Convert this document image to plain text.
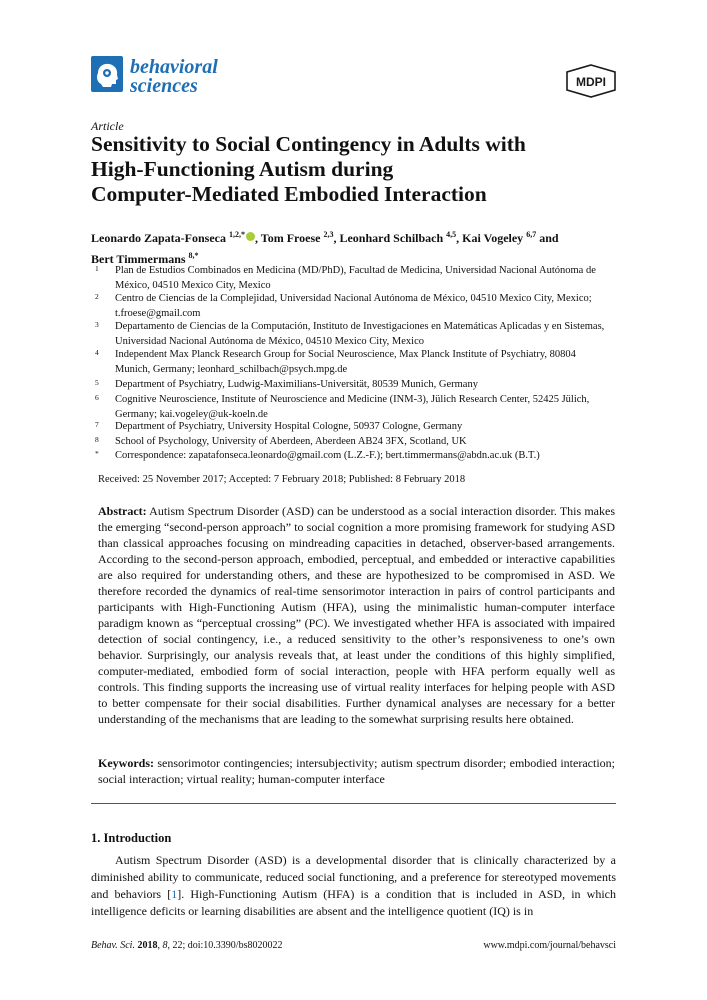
behavioral
sciences	MDPI
Article
Sensitivity to Social Contingency in Adults with
High-Functioning Autism during
Computer-Mediated Embodied Interaction
Leonardo Zapata-Fonseca $^{1,2,*}$ , Tom Froese $^{2,3}$, Leonhard Schilbach $^{4,5}$, Kai Vogeley $^{6,7}$ and
Bert Timmermans $^{8,*}$
1 Plan de Estudios Combinados en Medicina (MD/PhD), Facultad de Medicina, Universidad Nacional Autónoma de México, 04510 Mexico City, Mexico
2 Centro de Ciencias de la Complejidad, Universidad Nacional Autónoma de México, 04510 Mexico City, Mexico; t.froese@gmail.com
3 Departamento de Ciencias de la Computación, Instituto de Investigaciones en Matemáticas Aplicadas y en Sistemas, Universidad Nacional Autónoma de México, 04510 Mexico City, Mexico
4 Independent Max Planck Research Group for Social Neuroscience, Max Planck Institute of Psychiatry, 80804 Munich, Germany; leonhard_schilbach@psych.mpg.de
5 Department of Psychiatry, Ludwig-Maximilians-Universität, 80539 Munich, Germany
6 Cognitive Neuroscience, Institute of Neuroscience and Medicine (INM-3), Jülich Research Center, 52425 Jülich, Germany; kai.vogeley@uk-koeln.de
7 Department of Psychiatry, University Hospital Cologne, 50937 Cologne, Germany
8 School of Psychology, University of Aberdeen, Aberdeen AB24 3FX, Scotland, UK
* Correspondence: zapatafonseca.leonardo@gmail.com (L.Z.-F.); bert.timmermans@abdn.ac.uk (B.T.)
Received: 25 November 2017; Accepted: 7 February 2018; Published: 8 February 2018
Abstract: Autism Spectrum Disorder (ASD) can be understood as a social interaction disorder. This makes the emerging “second-person approach” to social cognition a more promising framework for studying ASD than classical approaches focusing on mindreading capacities in detached, observer-based arrangements. According to the second-person approach, embodied, perceptual, and embedded or interactive capabilities are also required for understanding others, and these are hypothesized to be compromised in ASD. We therefore recorded the dynamics of real-time sensorimotor interaction in pairs of control participants and participants with High-Functioning Autism (HFA), using the minimalistic human-computer interface paradigm known as “perceptual crossing” (PC). We investigated whether HFA is associated with impaired detection of social contingency, i.e., a reduced sensitivity to the other’s responsiveness to one’s own behavior. Surprisingly, our analysis reveals that, at least under the conditions of this highly simplified, computer-mediated, embodied form of social interaction, people with HFA perform equally well as controls. This finding supports the increasing use of virtual reality interfaces for helping people with ASD to better compensate for their social disabilities. Further dynamical analyses are necessary for a better understanding of the mechanisms that are leading to the somewhat surprising results here obtained.
Keywords: sensorimotor contingencies; intersubjectivity; autism spectrum disorder; embodied interaction; social interaction; virtual reality; human-computer interface
1. Introduction
Autism Spectrum Disorder (ASD) is a developmental disorder that is clinically characterized by a diminished ability to communicate, reduced social functioning, and a preference for stereotyped movements and behaviors [1]. High-Functioning Autism (HFA) is a condition that is included in ASD, in which intelligence deficits or learning disabilities are absent and the intelligence quotient (IQ) is in
Behav. Sci. 2018, 8, 22; doi:10.3390/bs8020022	www.mdpi.com/journal/behavsci
